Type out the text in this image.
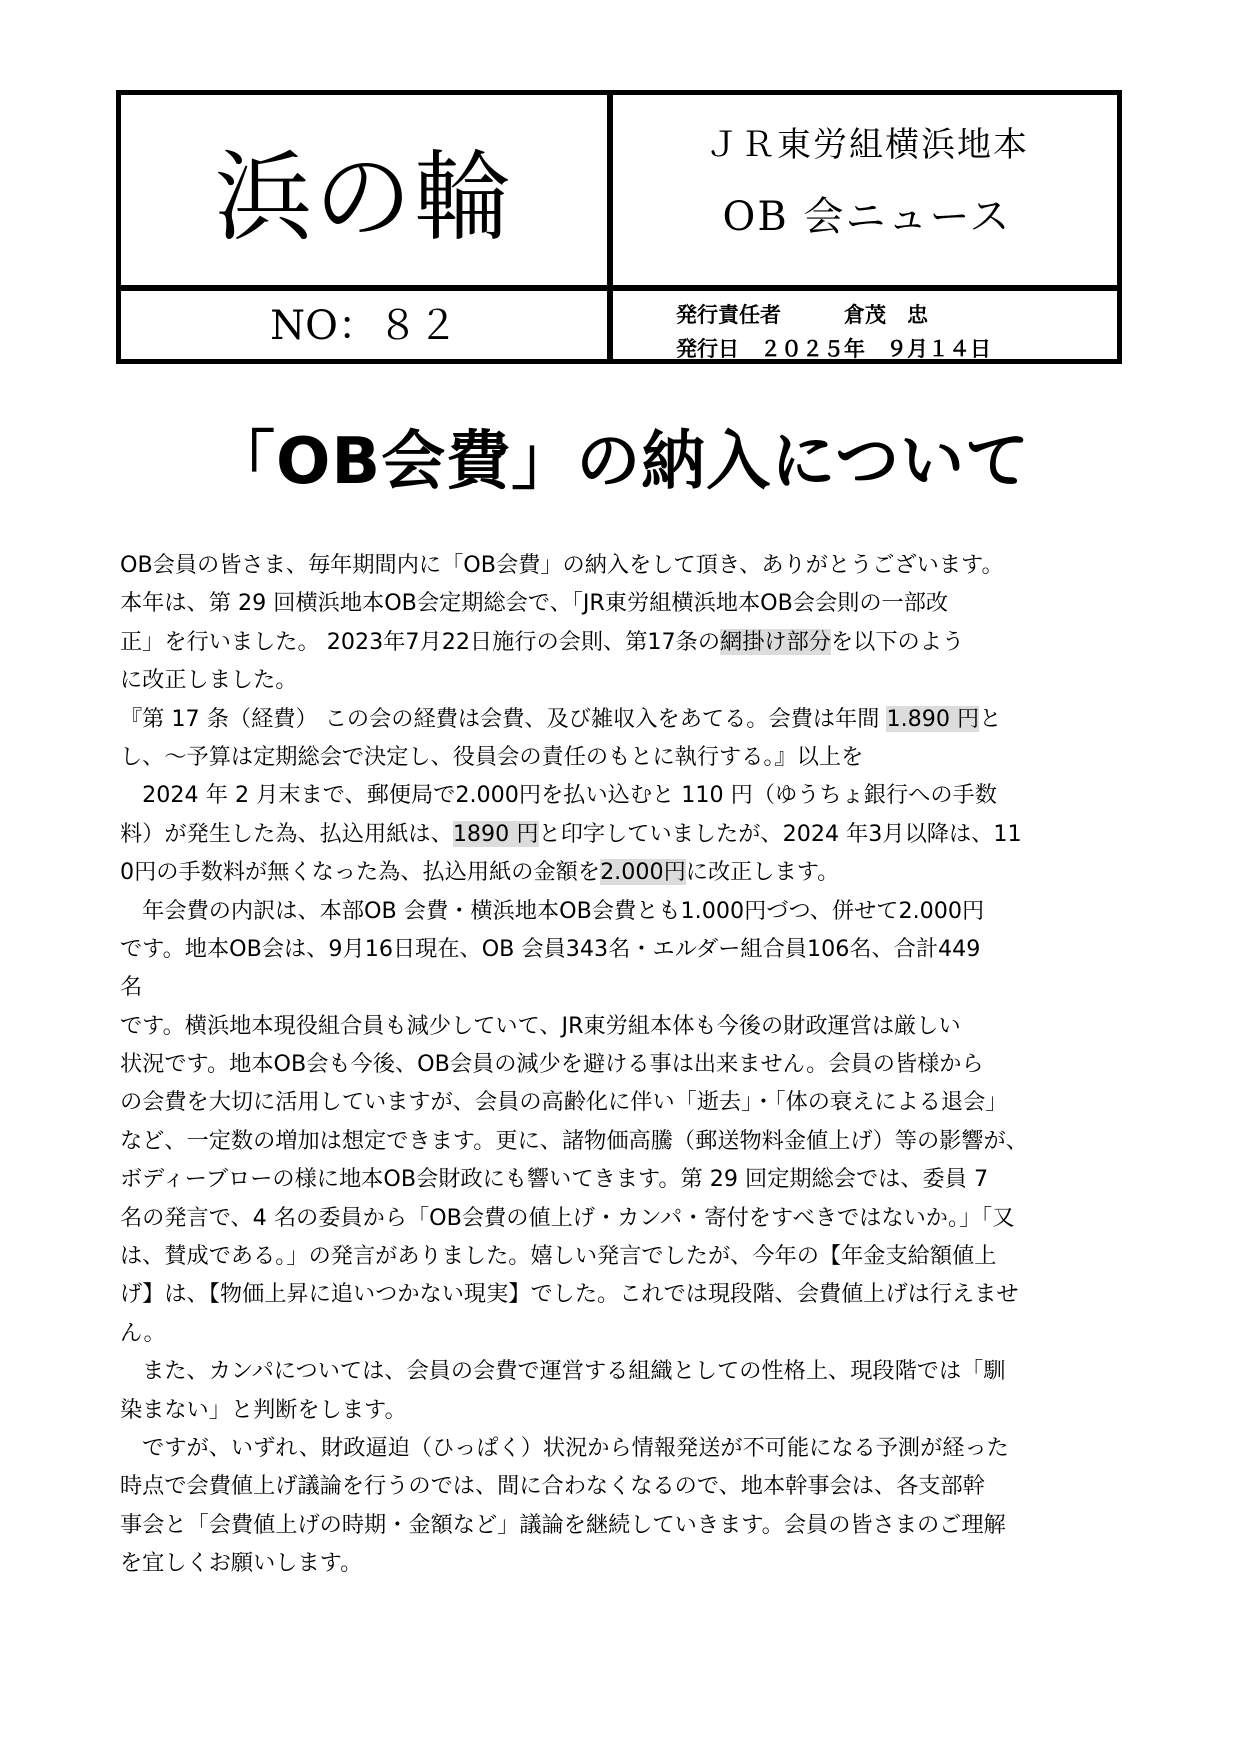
浜の輪	ＪＲ東労組横浜地本
OB 会ニュース
NO：８２	発行責任者　　　倉茂　忠
発行日　２０２５年　９月１４日
「OB会費」の納入について
OB会員の皆さま、毎年期間内に「OB会費」の納入をして頂き、ありがとうございます。
本年は、第 29 回横浜地本OB会定期総会で、「JR東労組横浜地本OB会会則の一部改
正」を行いました。 2023年7月22日施行の会則、第17条の網掛け部分を以下のよう
に改正しました。
『第 17 条（経費） この会の経費は会費、及び雑収入をあてる。会費は年間 1.890 円と
し、～予算は定期総会で決定し、役員会の責任のもとに執行する。』以上を
　2024 年 2 月末まで、郵便局で2.000円を払い込むと 110 円（ゆうちょ銀行への手数
料）が発生した為、払込用紙は、1890 円と印字していましたが、2024 年3月以降は、11
0円の手数料が無くなった為、払込用紙の金額を2.000円に改正します。
　年会費の内訳は、本部OB 会費・横浜地本OB会費とも1.000円づつ、併せて2.000円
です。地本OB会は、9月16日現在、OB 会員343名・エルダー組合員106名、合計449
名
です。横浜地本現役組合員も減少していて、JR東労組本体も今後の財政運営は厳しい
状況です。地本OB会も今後、OB会員の減少を避ける事は出来ません。会員の皆様から
の会費を大切に活用していますが、会員の高齢化に伴い「逝去」・「体の衰えによる退会」
など、一定数の増加は想定できます。更に、諸物価高騰（郵送物料金値上げ）等の影響が、
ボディーブローの様に地本OB会財政にも響いてきます。第 29 回定期総会では、委員 7
名の発言で、4 名の委員から「OB会費の値上げ・カンパ・寄付をすべきではないか。」「又
は、賛成である。」の発言がありました。嬉しい発言でしたが、今年の【年金支給額値上
げ】は、【物価上昇に追いつかない現実】でした。これでは現段階、会費値上げは行えませ
ん。
　また、カンパについては、会員の会費で運営する組織としての性格上、現段階では「馴
染まない」と判断をします。
　ですが、いずれ、財政逼迫（ひっぱく）状況から情報発送が不可能になる予測が経った
時点で会費値上げ議論を行うのでは、間に合わなくなるので、地本幹事会は、各支部幹
事会と「会費値上げの時期・金額など」議論を継続していきます。会員の皆さまのご理解
を宜しくお願いします。
